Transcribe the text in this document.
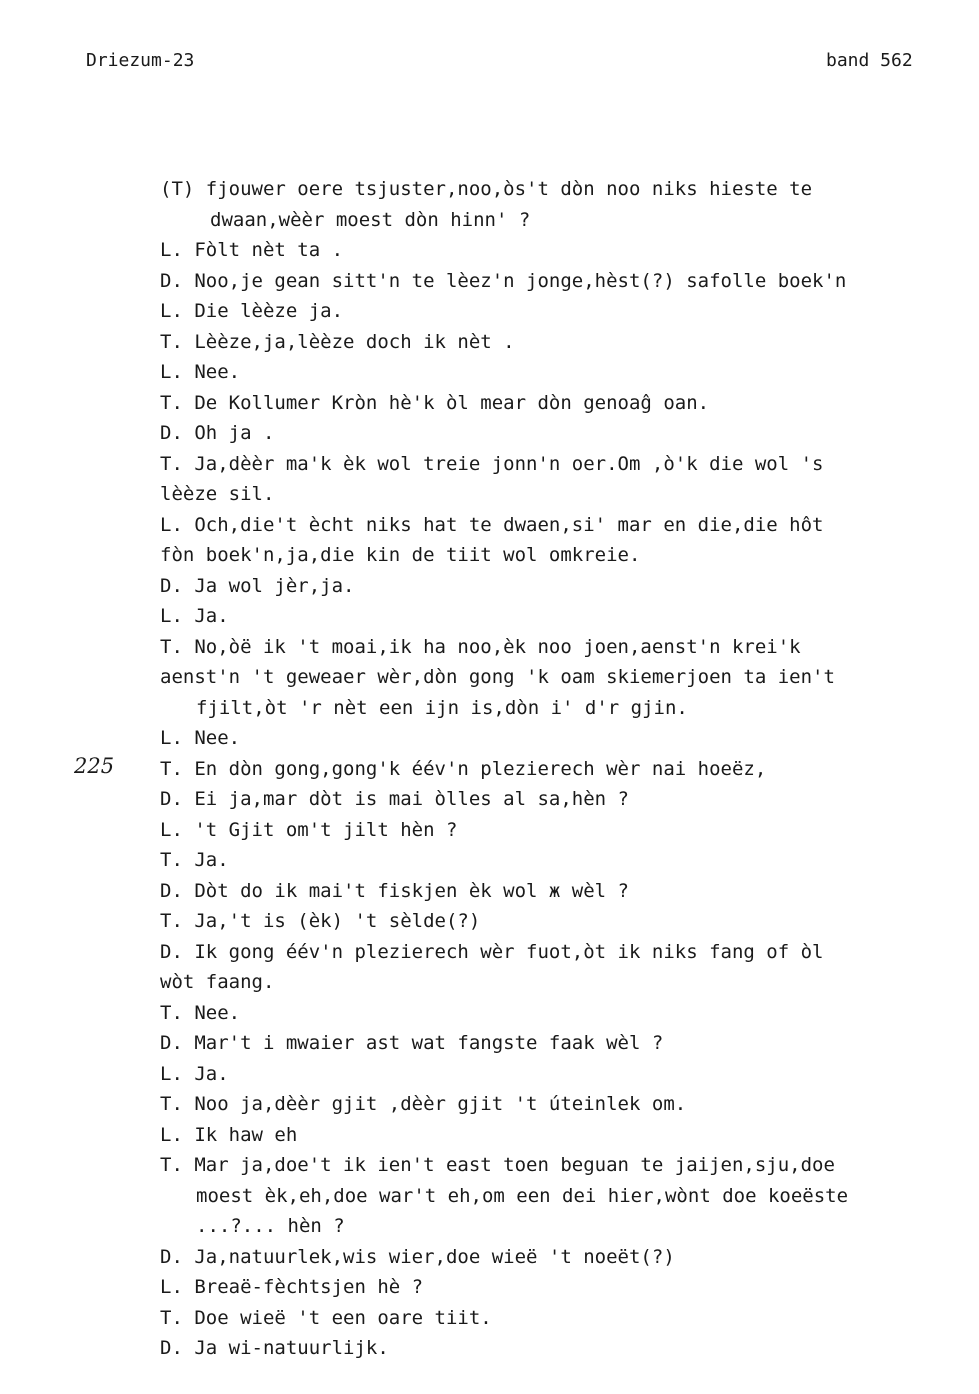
Driezum-23	band 562
225
(T) fjouwer oere tsjuster,noo,òs't dòn noo niks hieste te
dwaan,wèèr moest dòn hinn' ?
L. Fòlt nèt ta .
D. Noo,je gean sitt'n te lèez'n jonge,hèst(?) safolle boek'n
L. Die lèèze ja.
T. Lèèze,ja,lèèze doch ik nèt .
L. Nee.
T. De Kollumer Kròn hè'k òl mear dòn genoaĝ oan.
D. Oh ja .
T. Ja,dèèr ma'k èk wol treie jonn'n oer.Om ,ò'k die wol 's
lèèze sil.
L. Och,die't ècht niks hat te dwaen,si' mar en die,die hôt
fòn boek'n,ja,die kin de tiit wol omkreie.
D. Ja wol jèr,ja.
L. Ja.
T. No,òë ik 't moai,ik ha noo,èk noo joen,aenst'n krei'k
aenst'n 't geweaer wèr,dòn gong 'k oam skiemerjoen ta ien't
fjilt,òt 'r nèt een ijn is,dòn i' d'r gjin.
L. Nee.
T. En dòn gong,gong'k éév'n plezierech wèr nai hoeëz,
D. Ei ja,mar dòt is mai òlles al sa,hèn ?
L. 't Gjit om't jilt hèn ?
T. Ja.
D. Dòt do ik mai't fiskjen èk wol ж wèl ?
T. Ja,'t is (èk) 't sèlde(?)
D. Ik gong éév'n plezierech wèr fuot,òt ik niks fang of òl
wòt faang.
T. Nee.
D. Mar't i mwaier ast wat fangste faak wèl ?
L. Ja.
T. Noo ja,dèèr gjit ,dèèr gjit 't úteinlek om.
L. Ik haw eh
T. Mar ja,doe't ik ien't east toen beguan te jaijen,sju,doe
moest èk,eh,doe war't eh,om een dei hier,wònt doe koeëste
...?... hèn ?
D. Ja,natuurlek,wis wier,doe wieë 't noeët(?)
L. Breaë-fèchtsjen hè ?
T. Doe wieë 't een oare tiit.
D. Ja wi-natuurlijk.
